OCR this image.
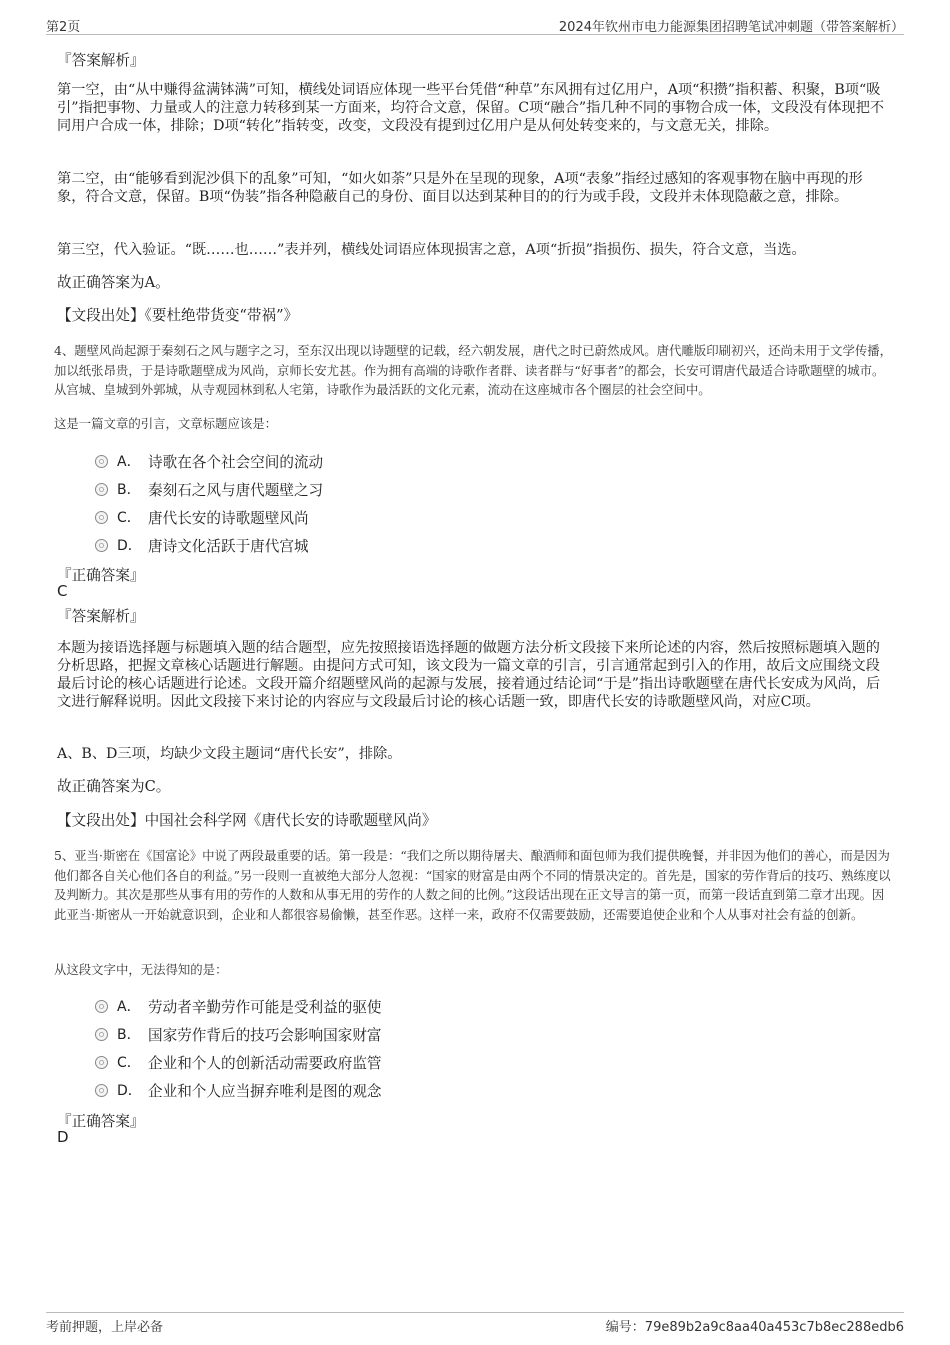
第2页	2024年钦州市电力能源集团招聘笔试冲刺题（带答案解析）
『答案解析』
第一空，由“从中赚得盆满钵满”可知，横线处词语应体现一些平台凭借“种草”东风拥有过亿用户，A项“积攒”指积蓄、积聚，B项“吸引”指把事物、力量或人的注意力转移到某一方面来，均符合文意，保留。C项“融合”指几种不同的事物合成一体，文段没有体现把不同用户合成一体，排除；D项“转化”指转变，改变，文段没有提到过亿用户是从何处转变来的，与文意无关，排除。
第二空，由“能够看到泥沙俱下的乱象”可知，“如火如荼”只是外在呈现的现象，A项“表象”指经过感知的客观事物在脑中再现的形象，符合文意，保留。B项“伪装”指各种隐蔽自己的身份、面目以达到某种目的的行为或手段，文段并未体现隐蔽之意，排除。
第三空，代入验证。“既……也……”表并列，横线处词语应体现损害之意，A项“折损”指损伤、损失，符合文意，当选。
故正确答案为A。
【文段出处】《要杜绝带货变“带祸”》
4、题壁风尚起源于秦刻石之风与题字之习，至东汉出现以诗题壁的记载，经六朝发展，唐代之时已蔚然成风。唐代雕版印刷初兴，还尚未用于文学传播，加以纸张昂贵，于是诗歌题壁成为风尚，京师长安尤甚。作为拥有高端的诗歌作者群、读者群与“好事者”的都会，长安可谓唐代最适合诗歌题壁的城市。从宫城、皇城到外郭城，从寺观园林到私人宅第，诗歌作为最活跃的文化元素，流动在这座城市各个圈层的社会空间中。
这是一篇文章的引言，文章标题应该是：
A． 诗歌在各个社会空间的流动
B． 秦刻石之风与唐代题壁之习
C． 唐代长安的诗歌题壁风尚
D． 唐诗文化活跃于唐代宫城
『正确答案』
C
『答案解析』
本题为接语选择题与标题填入题的结合题型，应先按照接语选择题的做题方法分析文段接下来所论述的内容，然后按照标题填入题的分析思路，把握文章核心话题进行解题。由提问方式可知，该文段为一篇文章的引言，引言通常起到引入的作用，故后文应围绕文段最后讨论的核心话题进行论述。文段开篇介绍题壁风尚的起源与发展，接着通过结论词“于是”指出诗歌题壁在唐代长安成为风尚，后文进行解释说明。因此文段接下来讨论的内容应与文段最后讨论的核心话题一致，即唐代长安的诗歌题壁风尚，对应C项。
A、B、D三项，均缺少文段主题词“唐代长安”，排除。
故正确答案为C。
【文段出处】中国社会科学网《唐代长安的诗歌题壁风尚》
5、亚当·斯密在《国富论》中说了两段最重要的话。第一段是：“我们之所以期待屠夫、酿酒师和面包师为我们提供晚餐，并非因为他们的善心，而是因为他们都各自关心他们各自的利益。”另一段则一直被绝大部分人忽视：“国家的财富是由两个不同的情景决定的。首先是，国家的劳作背后的技巧、熟练度以及判断力。其次是那些从事有用的劳作的人数和从事无用的劳作的人数之间的比例。”这段话出现在正文导言的第一页，而第一段话直到第二章才出现。因此亚当·斯密从一开始就意识到，企业和人都很容易偷懒，甚至作恶。这样一来，政府不仅需要鼓励，还需要追使企业和个人从事对社会有益的创新。
从这段文字中，无法得知的是：
A． 劳动者辛勤劳作可能是受利益的驱使
B． 国家劳作背后的技巧会影响国家财富
C． 企业和个人的创新活动需要政府监管
D． 企业和个人应当摒弃唯利是图的观念
『正确答案』
D
考前押题，上岸必备	编号：79e89b2a9c8aa40a453c7b8ec288edb6
